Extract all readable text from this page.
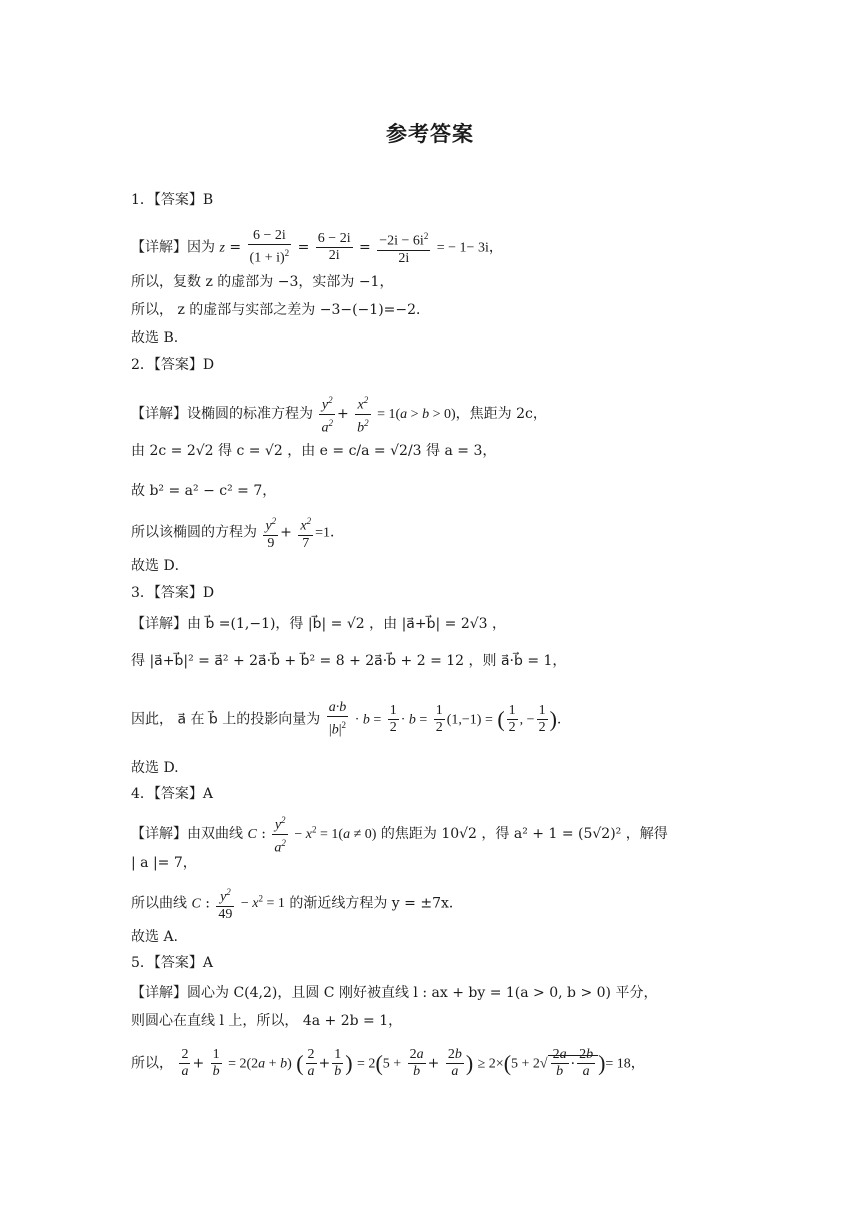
参考答案
1．【答案】B
【详解】因为 $z = \frac{6 - 2i}{(1 + i)^2} = \frac{6 - 2i}{2i} = \frac{-2i - 6i^2}{2i}$ = − 1− 3i，
所以，复数 z 的虚部为 −3，实部为 −1，
所以， z 的虚部与实部之差为 −3−(−1)=−2．
故选 B.
2．【答案】D
【详解】设椭圆的标准方程为 $\frac{y^2}{a^2} + \frac{x^2}{b^2} = 1(a > b > 0)$，焦距为 2c，
由 2c = 2√2 得 c = √2 ，由 e = c/a = √2/3 得 a = 3，
故 b² = a² − c² = 7，
所以该椭圆的方程为 $\frac{y^2}{9} + \frac{x^2}{7} =1$．
故选 D．
3．【答案】D
【详解】由 b⃗ =(1,−1)，得 |b⃗| = √2 ，由 |a⃗+b⃗| = 2√3 ，
得 |a⃗+b⃗|² = a⃗² + 2a⃗·b⃗ + b⃗² = 8 + 2a⃗·b⃗ + 2 = 12 ，则 a⃗·b⃗ = 1，
因此， a⃗ 在 b⃗ 上的投影向量为 $\frac{a\cdot b}{|b|^2} \cdot b = \frac{1}{2} \cdot b = \frac{1}{2} (1,-1)$ = ( $\frac{1}{2}$ , − $\frac{1}{2}$ ).
故选 D.
4．【答案】A
【详解】由双曲线 C : $\frac{y^2}{a^2} - x^2 = 1(a \ne 0)$ 的焦距为 10√2 ，得 a² + 1 = (5√2)² ，解得
| a |= 7，
所以曲线 C : $\frac{y^2}{49} - x^2 = 1$ 的渐近线方程为 y = ±7x．
故选 A.
5．【答案】A
【详解】圆心为 C(4,2)，且圆 C 刚好被直线 l : ax + by = 1(a > 0, b > 0) 平分，
则圆心在直线 l 上，所以， 4a + 2b = 1，
所以， $\frac{2}{a} + \frac{1}{b} = 2(2a + b)$ ( $\frac{2}{a} + \frac{1}{b}$ ) = $2(5 + \frac{2a}{b} + \frac{2b}{a}$ ) ≥ $2\times(5 + 2√ \frac{2a}{b} \cdot \frac{2b}{a}$ )= 18，
